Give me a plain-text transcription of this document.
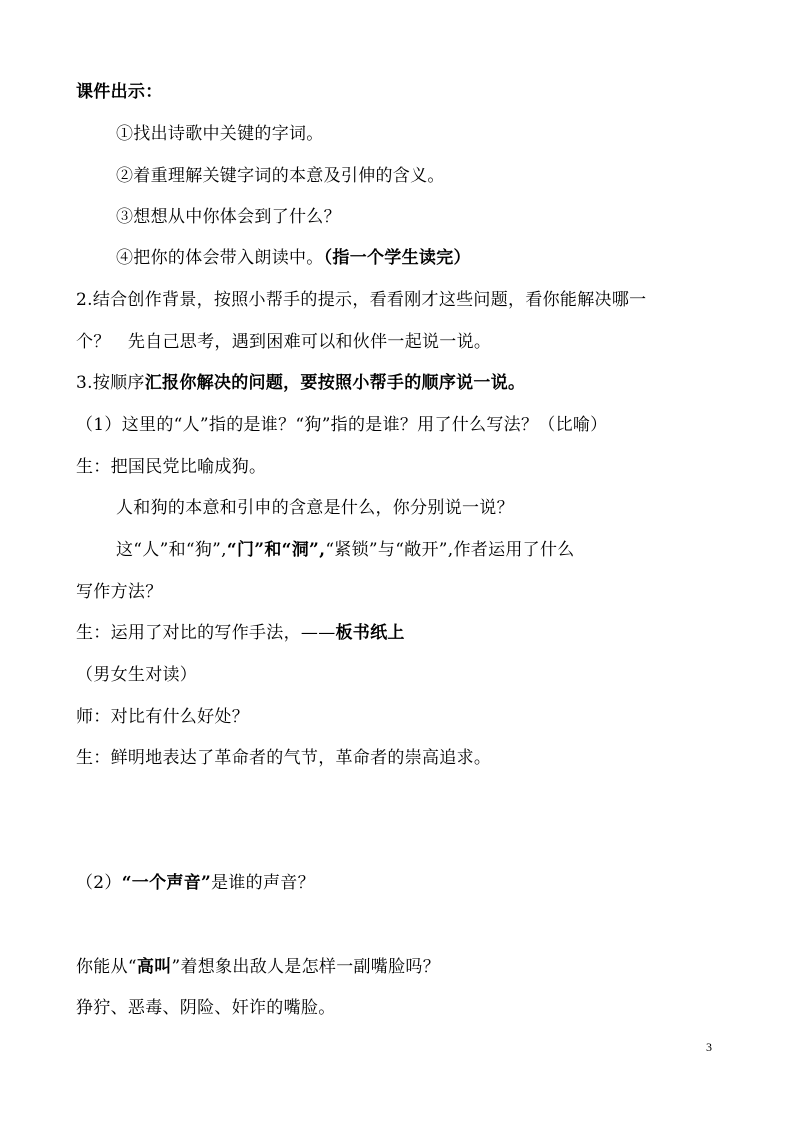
课件出示：
①找出诗歌中关键的字词。
②着重理解关键字词的本意及引伸的含义。
③想想从中你体会到了什么？
④把你的体会带入朗读中。（指一个学生读完）
2.结合创作背景，按照小帮手的提示，看看刚才这些问题，看你能解决哪一
个？　先自己思考，遇到困难可以和伙伴一起说一说。
3.按顺序汇报你解决的问题，要按照小帮手的顺序说一说。
（1）这里的“人”指的是谁？“狗”指的是谁？用了什么写法？（比喻）
生：把国民党比喻成狗。
人和狗的本意和引申的含意是什么，你分别说一说？
这“人”和“狗”,“门”和“洞”,“紧锁”与“敞开”,作者运用了什么
写作方法？
生：运用了对比的写作手法，——板书纸上
（男女生对读）
师：对比有什么好处？
生：鲜明地表达了革命者的气节，革命者的崇高追求。
（2）“一个声音”是谁的声音？
你能从“高叫”着想象出敌人是怎样一副嘴脸吗？
狰狞、恶毒、阴险、奸诈的嘴脸。
3
